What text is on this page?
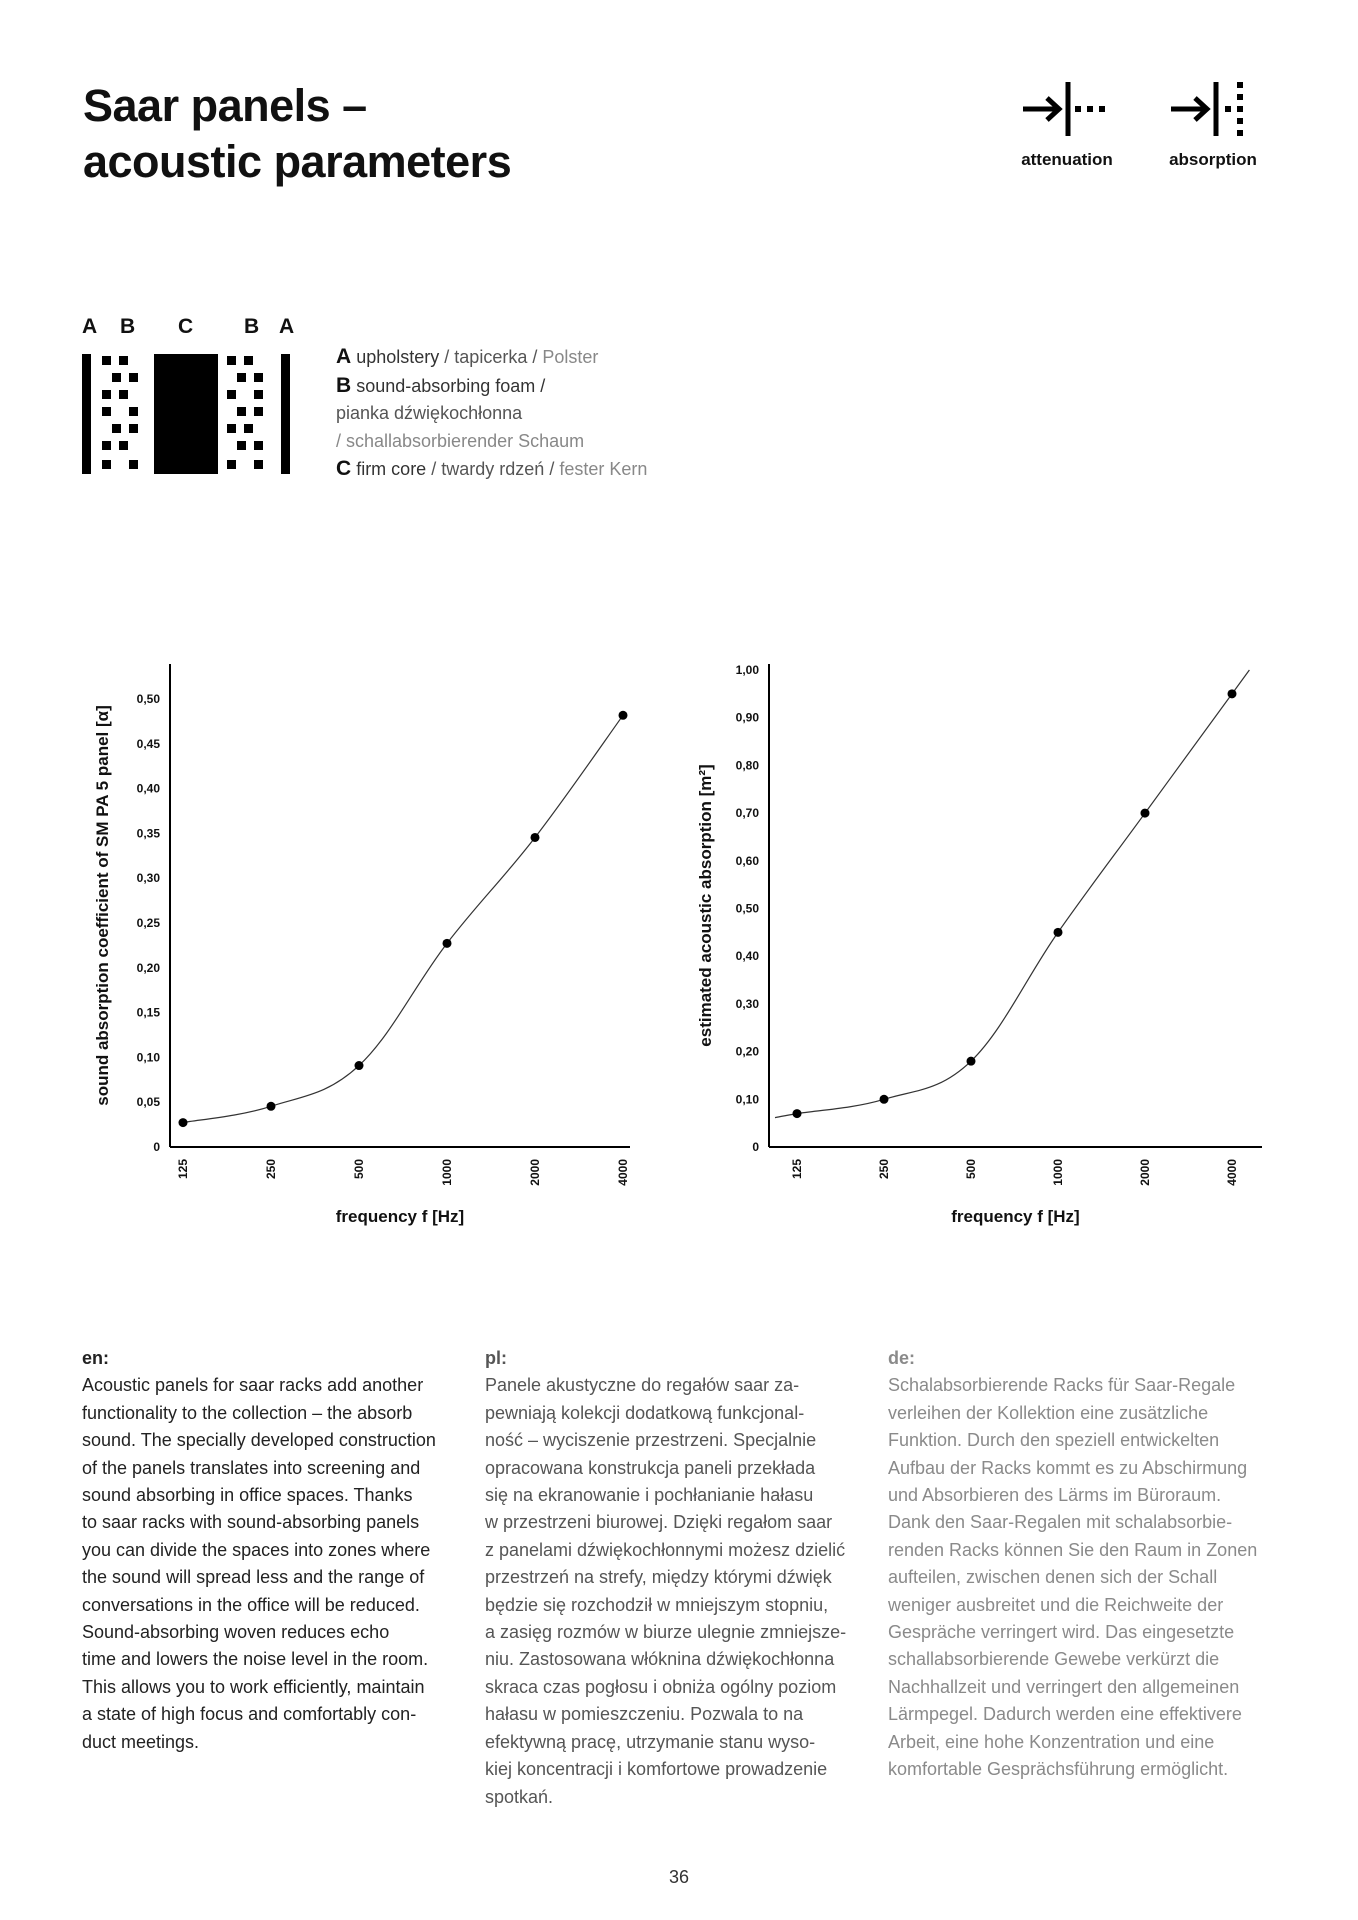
Saar panels –
acoustic parameters	attenuation	absorption
A B C B A
A upholstery / tapicerka / Polster
B sound-absorbing foam /
pianka dźwiękochłonna
/ schallabsorbierender Schaum
C firm core / twardy rdzeń / fester Kern
0
0,05
0,10
0,15
0,20
0,25
0,30
0,35
0,40
0,45
0,50
125	250	500	1000	2000	4000
frequency f [Hz]
sound absorption coefficient of SM PA 5 panel [α]
0
0,10
0,20
0,30
0,40
0,50
0,60
0,70
0,80
0,90
1,00
125	250	500	1000	2000	4000
frequency f [Hz]
estimated acoustic absorption [m²]
en:

Acoustic panels for saar racks add another

functionality to the collection – the absorb

sound. The specially developed construction

of the panels translates into screening and

sound absorbing in office spaces. Thanks

to saar racks with sound-absorbing panels

you can divide the spaces into zones where

the sound will spread less and the range of

conversations in the office will be reduced.

Sound-absorbing woven reduces echo

time and lowers the noise level in the room.

This allows you to work efficiently, maintain

a state of high focus and comfortably con-

duct meetings.

pl:

Panele akustyczne do regałów saar za-

pewniają kolekcji dodatkową funkcjonal-

ność – wyciszenie przestrzeni. Specjalnie

opracowana konstrukcja paneli przekłada

się na ekranowanie i pochłanianie hałasu

w przestrzeni biurowej. Dzięki regałom saar

z panelami dźwiękochłonnymi możesz dzielić

przestrzeń na strefy, między którymi dźwięk

będzie się rozchodził w mniejszym stopniu,

a zasięg rozmów w biurze ulegnie zmniejsze-

niu. Zastosowana włóknina dźwiękochłonna

skraca czas pogłosu i obniża ogólny poziom

hałasu w pomieszczeniu. Pozwala to na

efektywną pracę, utrzymanie stanu wyso-

kiej koncentracji i komfortowe prowadzenie

spotkań.

de:

Schalabsorbierende Racks für Saar-Regale

verleihen der Kollektion eine zusätzliche

Funktion. Durch den speziell entwickelten

Aufbau der Racks kommt es zu Abschirmung

und Absorbieren des Lärms im Büroraum.

Dank den Saar-Regalen mit schalabsorbie-

renden Racks können Sie den Raum in Zonen

aufteilen, zwischen denen sich der Schall

weniger ausbreitet und die Reichweite der

Gespräche verringert wird. Das eingesetzte

schallabsorbierende Gewebe verkürzt die

Nachhallzeit und verringert den allgemeinen

Lärmpegel. Dadurch werden eine effektivere

Arbeit, eine hohe Konzentration und eine

komfortable Gesprächsführung ermöglicht.

36
